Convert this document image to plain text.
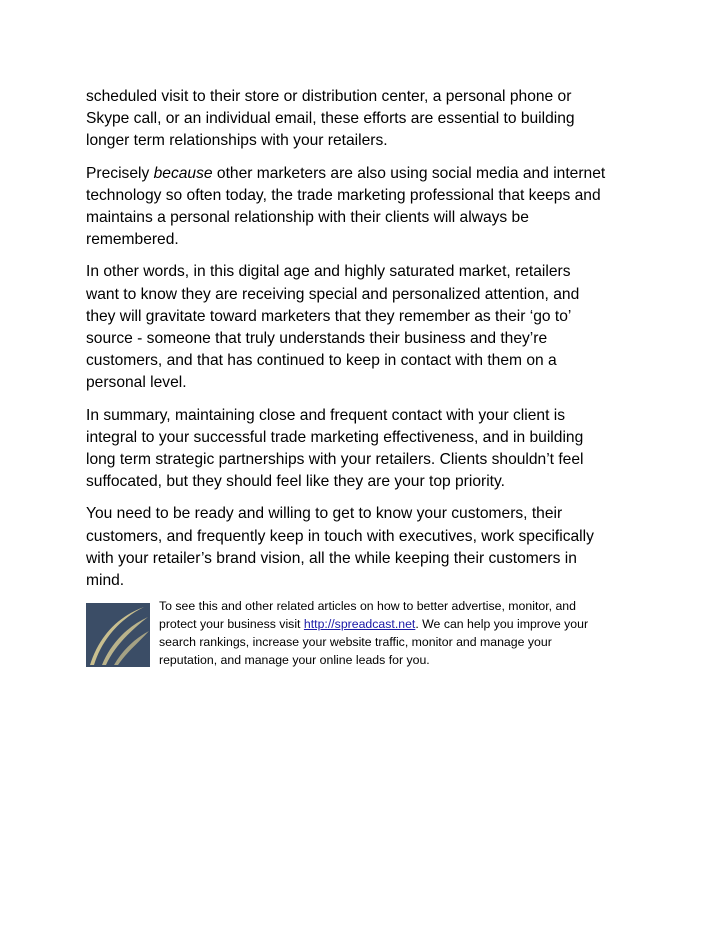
scheduled visit to their store or distribution center, a personal phone or
Skype call, or an individual email, these efforts are essential to building
longer term relationships with your retailers.

Precisely because other marketers are also using social media and internet
technology so often today, the trade marketing professional that keeps and
maintains a personal relationship with their clients will always be
remembered.

In other words, in this digital age and highly saturated market, retailers
want to know they are receiving special and personalized attention, and
they will gravitate toward marketers that they remember as their ‘go to’
source - someone that truly understands their business and they’re
customers, and that has continued to keep in contact with them on a
personal level.

In summary, maintaining close and frequent contact with your client is
integral to your successful trade marketing effectiveness, and in building
long term strategic partnerships with your retailers. Clients shouldn’t feel
suffocated, but they should feel like they are your top priority.

You need to be ready and willing to get to know your customers, their
customers, and frequently keep in touch with executives, work specifically
with your retailer’s brand vision, all the while keeping their customers in
mind.

To see this and other related articles on how to better advertise, monitor, and
protect your business visit http://spreadcast.net. We can help you improve your
search rankings, increase your website traffic, monitor and manage your
reputation, and manage your online leads for you.
